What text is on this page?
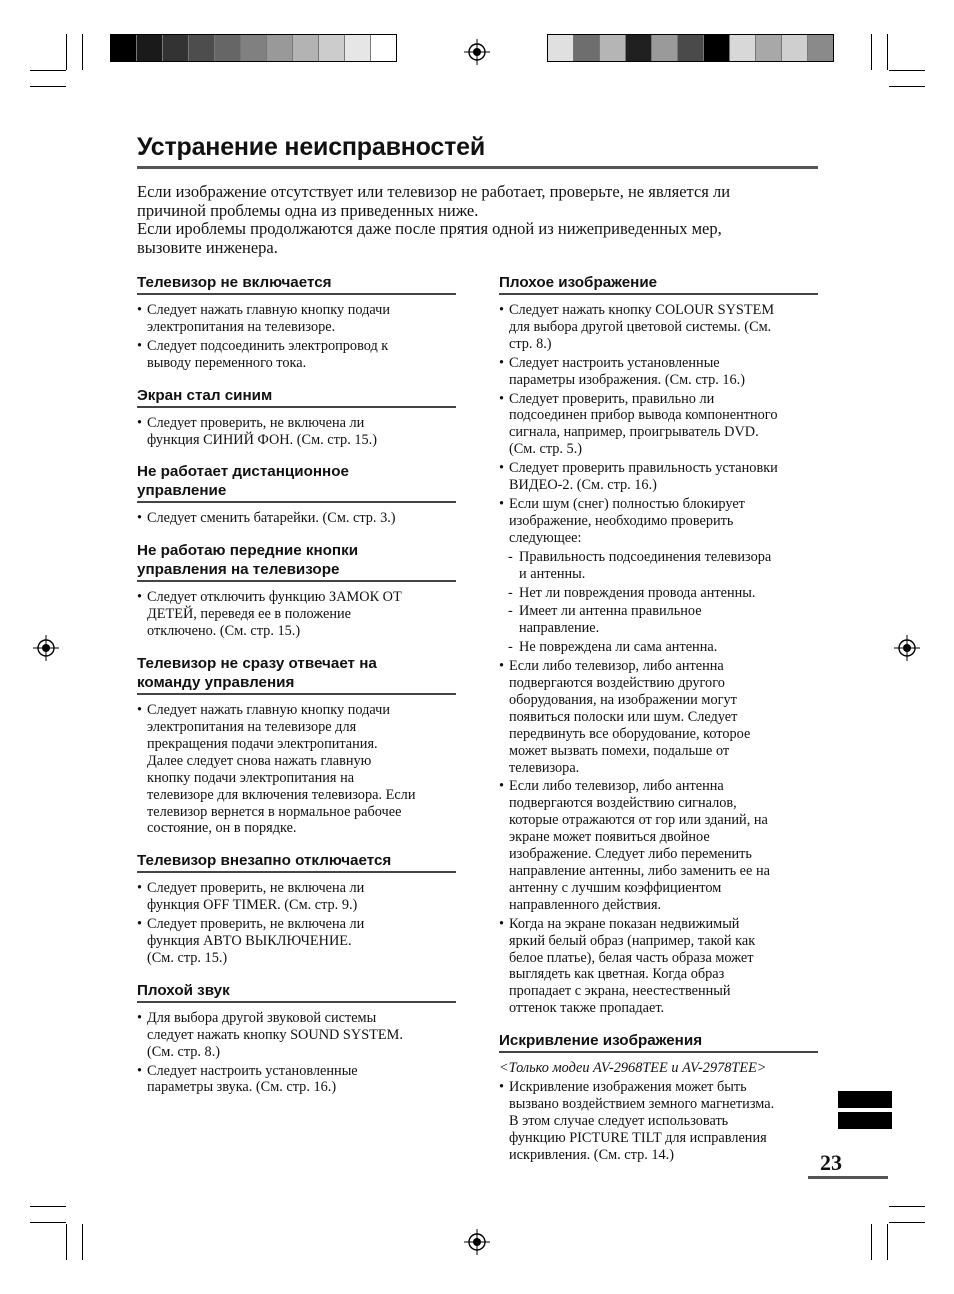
Устранение неисправностей
Если изображение отсутствует или телевизор не работает, проверьте, не является ли
причиной проблемы одна из приведенных ниже.
Если ироблемы продолжаются даже после прятия одной из нижеприведенных мер,
вызовите инженера.
Телевизор не включается
• Следует нажать главную кнопку подачи
электропитания на телевизоре.
• Следует подсоединить электропровод к
выводу переменного тока.
Экран стал синим
• Следует проверить, не включена ли
функция СИНИЙ ФОН. (См. стр. 15.)
Не работает дистанционное
управление
• Следует сменить батарейки. (См. стр. 3.)
Не работаю передние кнопки
управления на телевизоре
• Следует отключить функцию ЗАМОК ОТ
ДЕТЕЙ, переведя ее в положение
отключено. (См. стр. 15.)
Телевизор не сразу отвечает на
команду управления
• Следует нажать главную кнопку подачи
электропитания на телевизоре для
прекращения подачи электропитания.
Далее следует снова нажать главную
кнопку подачи электропитания на
телевизоре для включения телевизора. Если
телевизор вернется в нормальное рабочее
состояние, он в порядке.
Телевизор внезапно отключается
• Следует проверить, не включена ли
функция OFF TIMER. (См. стр. 9.)
• Следует проверить, не включена ли
функция АВТО ВЫКЛЮЧЕНИЕ.
(См. стр. 15.)
Плохой звук
• Для выбора другой звуковой системы
следует нажать кнопку SOUND SYSTEM.
(См. стр. 8.)
• Следует настроить установленные
параметры звука. (См. стр. 16.)
Плохое изображение
• Следует нажать кнопку COLOUR SYSTEM
для выбора другой цветовой системы. (См.
стр. 8.)
• Следует настроить установленные
параметры изображения. (См. стр. 16.)
• Следует проверить, правильно ли
подсоединен прибор вывода компонентного
сигнала, например, проигрыватель DVD.
(См. стр. 5.)
• Следует проверить правильность установки
ВИДЕО-2. (См. стр. 16.)
• Если шум (снег) полностью блокирует
изображение, необходимо проверить
следующее:
- Правильность подсоединения телевизора
и антенны.
- Нет ли повреждения провода антенны.
- Имеет ли антенна правильное
направление.
- Не повреждена ли сама антенна.
• Если либо телевизор, либо антенна
подвергаются воздействию другого
оборудования, на изображении могут
появиться полоски или шум. Следует
передвинуть все оборудование, которое
может вызвать помехи, подальше от
телевизора.
• Если либо телевизор, либо антенна
подвергаются воздействию сигналов,
которые отражаются от гор или зданий, на
экране может появиться двойное
изображение. Следует либо переменить
направление антенны, либо заменить ее на
антенну с лучшим коэффициентом
направленного действия.
• Когда на экране показан недвижимый
яркий белый образ (например, такой как
белое платье), белая часть образа может
выглядеть как цветная. Когда образ
пропадает с экрана, неестественный
оттенок также пропадает.
Искривление изображения
<Только модеи AV-2968TEE и AV-2978TEE>
• Искривление изображения может быть
вызвано воздействием земного магнетизма.
В этом случае следует использовать
функцию PICTURE TILT для исправления
искривления. (См. стр. 14.)	23
